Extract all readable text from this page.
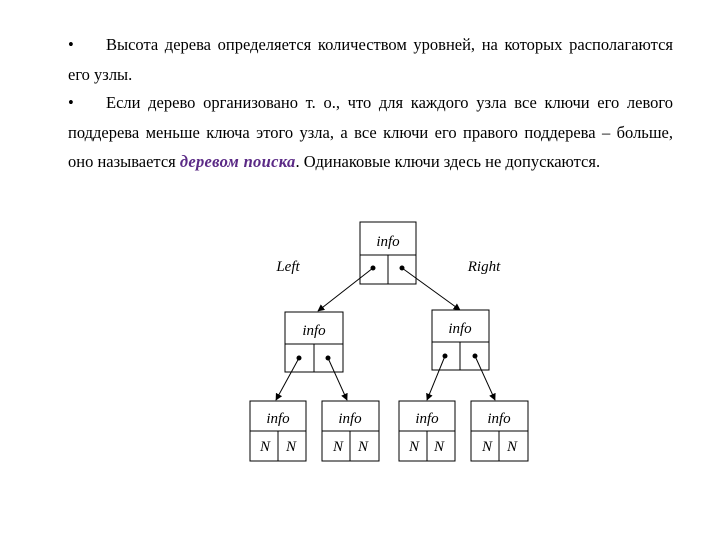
• Высота дерева определяется количеством уровней, на которых располагаются его узлы.

• Если дерево организовано т. о., что для каждого узла все ключи его левого поддерева меньше ключа этого узла, а все ключи его правого поддерева – больше, оно называется деревом поиска. Одинаковые ключи здесь не допускаются.

info
Left	Right
info	info
info
N N
info
N N
info
N N
info
N N
